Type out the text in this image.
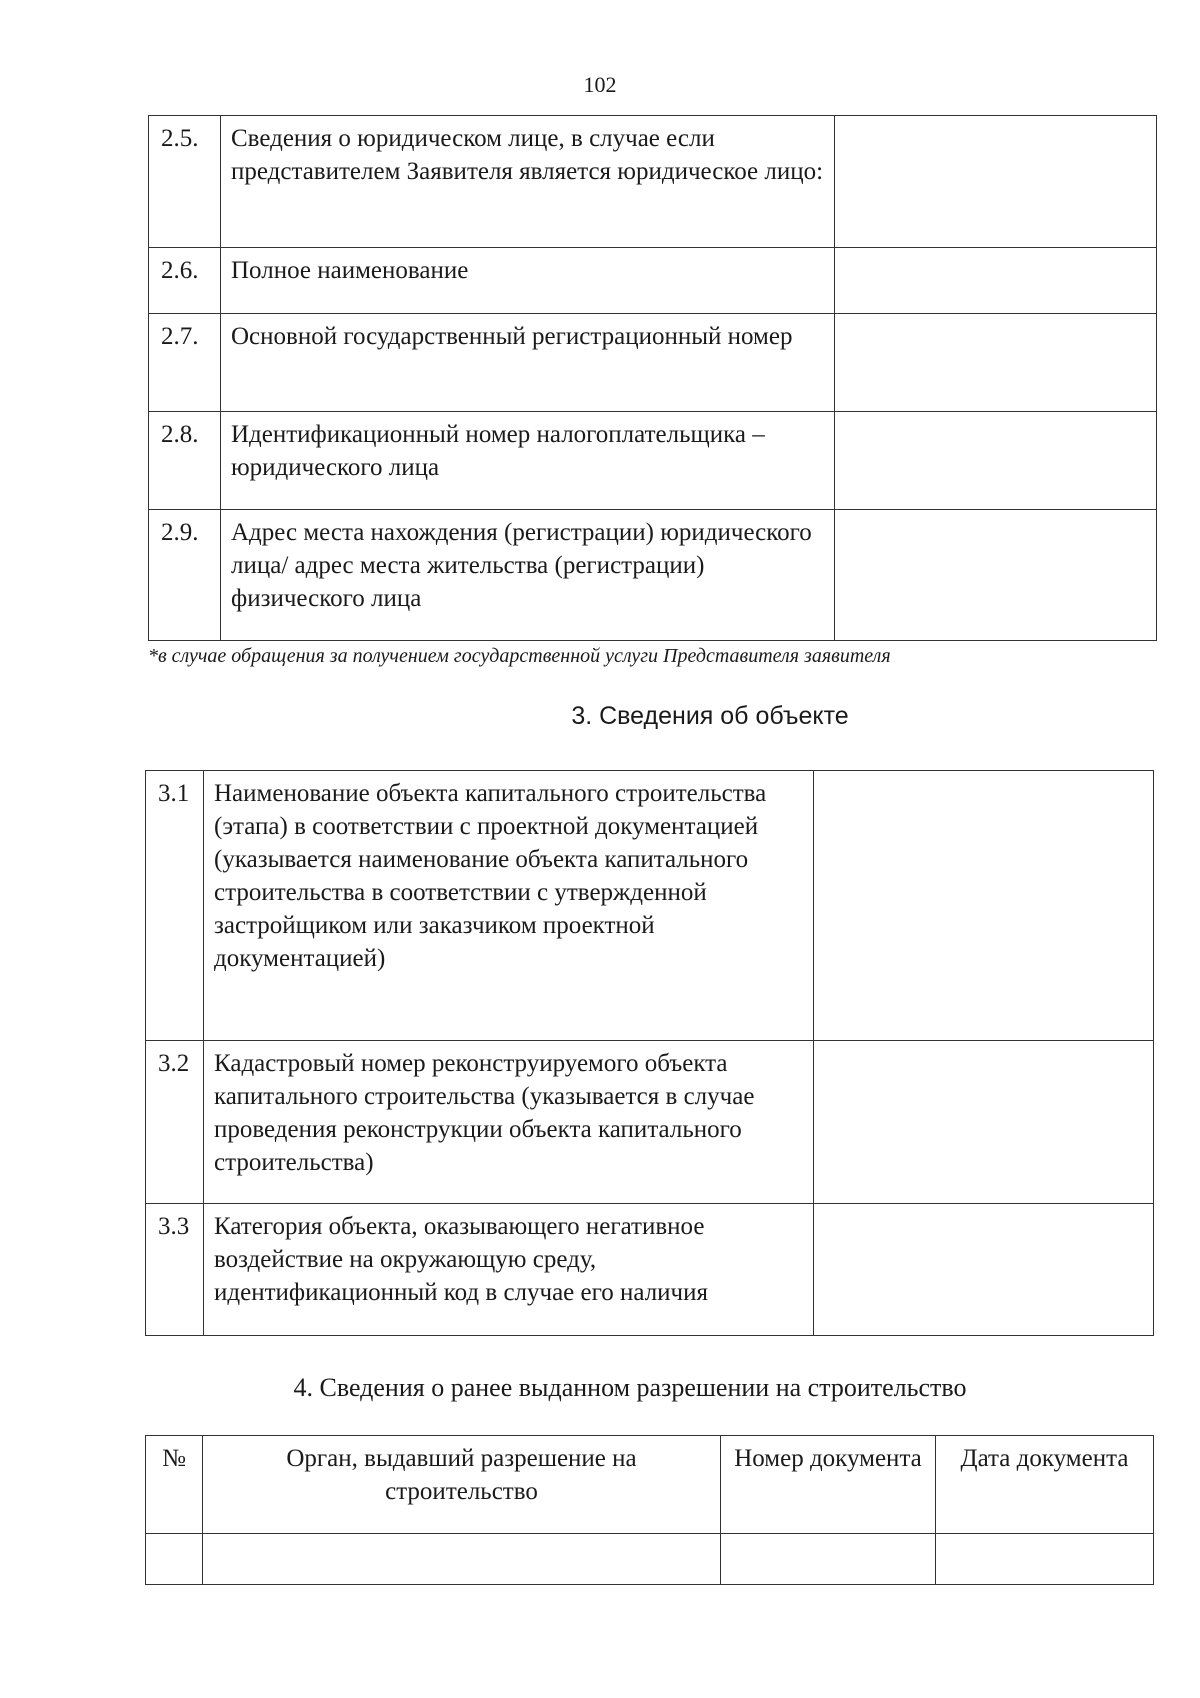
102
2.5.	Сведения о юридическом лице, в случае если представителем Заявителя является юридическое лицо:	
2.6.	Полное наименование	
2.7.	Основной государственный регистрационный номер	
2.8.	Идентификационный номер налогоплательщика – юридического лица	
2.9.	Адрес места нахождения (регистрации) юридического лица/ адрес места жительства (регистрации) физического лица	
*в случае обращения за получением государственной услуги Представителя заявителя
3. Сведения об объекте
3.1	Наименование объекта капитального строительства (этапа) в соответствии с проектной документацией (указывается наименование объекта капитального строительства в соответствии с утвержденной застройщиком или заказчиком проектной документацией)	
3.2	Кадастровый номер реконструируемого объекта капитального строительства (указывается в случае проведения реконструкции объекта капитального строительства)	
3.3	Категория объекта, оказывающего негативное воздействие на окружающую среду, идентификационный код в случае его наличия	
4. Сведения о ранее выданном разрешении на строительство
№	Орган, выдавший разрешение на строительство	Номер документа	Дата документа
